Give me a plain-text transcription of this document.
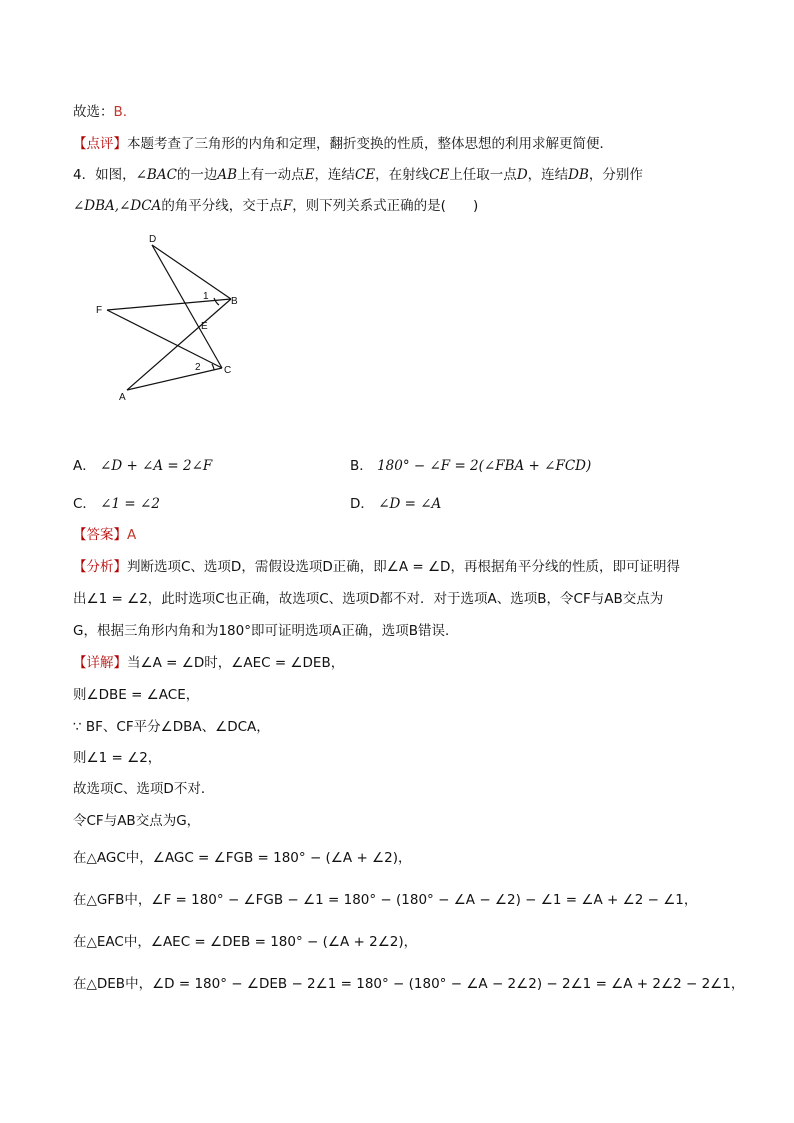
故选：B．
【点评】本题考查了三角形的内角和定理，翻折变换的性质，整体思想的利用求解更简便．
4．如图，∠BAC的一边AB上有一动点E，连结CE，在射线CE上任取一点D，连结DB，分别作
∠DBA,∠DCA的角平分线，交于点F，则下列关系式正确的是(　　)
D
B
F
E
C
A
1
2
A． ∠D + ∠A = 2∠F	B． 180° − ∠F = 2(∠FBA + ∠FCD)
C． ∠1 = ∠2	D． ∠D = ∠A
【答案】A
【分析】判断选项C、选项D，需假设选项D正确，即∠A = ∠D，再根据角平分线的性质，即可证明得
出∠1 = ∠2，此时选项C也正确，故选项C、选项D都不对．对于选项A、选项B，令CF与AB交点为
G，根据三角形内角和为180°即可证明选项A正确，选项B错误．
【详解】当∠A = ∠D时，∠AEC = ∠DEB，
则∠DBE = ∠ACE，
∵ BF、CF平分∠DBA、∠DCA，
则∠1 = ∠2，
故选项C、选项D不对．
令CF与AB交点为G，
在△AGC中，∠AGC = ∠FGB = 180° − (∠A + ∠2)，
在△GFB中，∠F = 180° − ∠FGB − ∠1 = 180° − (180° − ∠A − ∠2) − ∠1 = ∠A + ∠2 − ∠1，
在△EAC中，∠AEC = ∠DEB = 180° − (∠A + 2∠2)，
在△DEB中，∠D = 180° − ∠DEB − 2∠1 = 180° − (180° − ∠A − 2∠2) − 2∠1 = ∠A + 2∠2 − 2∠1，
